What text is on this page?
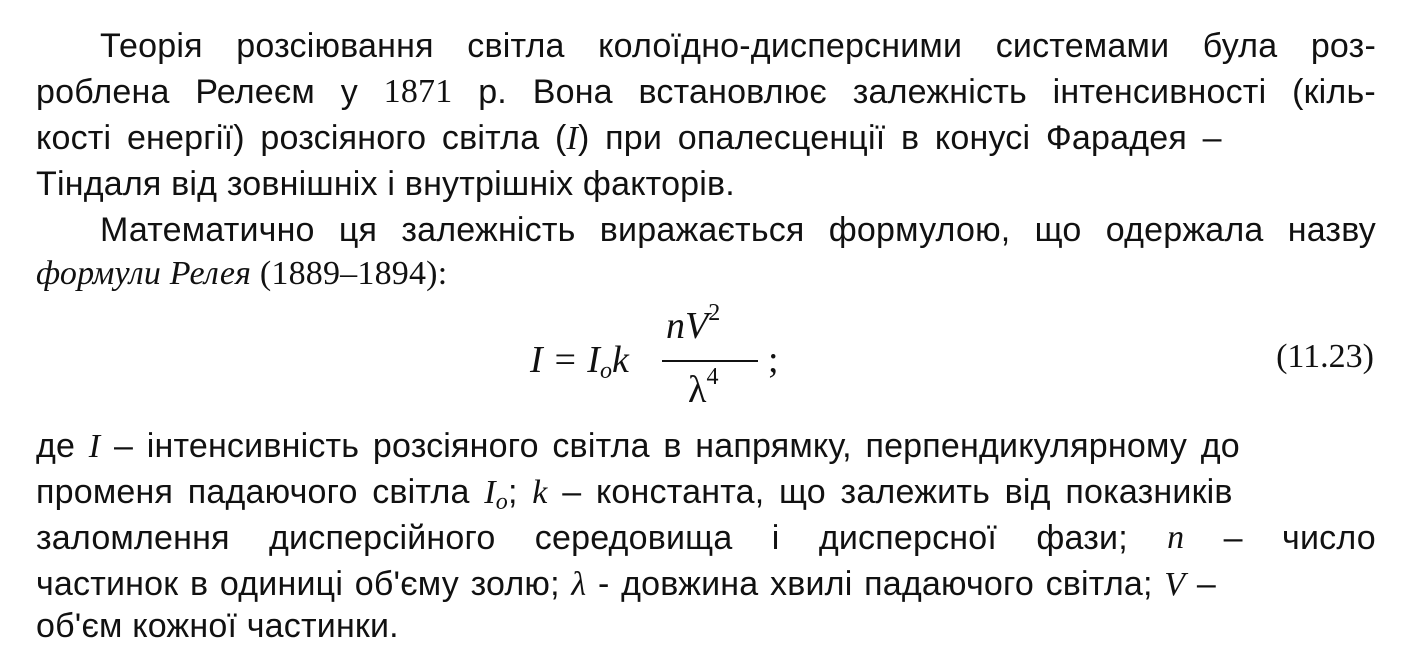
Теорія розсіювання світла колоїдно-дисперсними системами була роз-
роблена Релеєм у 1871 р. Вона встановлює залежність інтенсивності (кіль-
кості енергії) розсіяного світла (I) при опалесценції в конусі Фарадея –
Тіндаля від зовнішніх і внутрішніх факторів.
Математично ця залежність виражається формулою, що одержала назву
формули Релея (1889–1894):
$I = I_ok$
$nV^2$
$\lambda^4$ ;	(11.23)
де I – інтенсивність розсіяного світла в напрямку, перпендикулярному до
променя падаючого світла $I_o$; k – константа, що залежить від показників
заломлення дисперсійного середовища і дисперсної фази; n – число
частинок в одиниці об'єму золю; λ - довжина хвилі падаючого світла; V –
об'єм кожної частинки.
